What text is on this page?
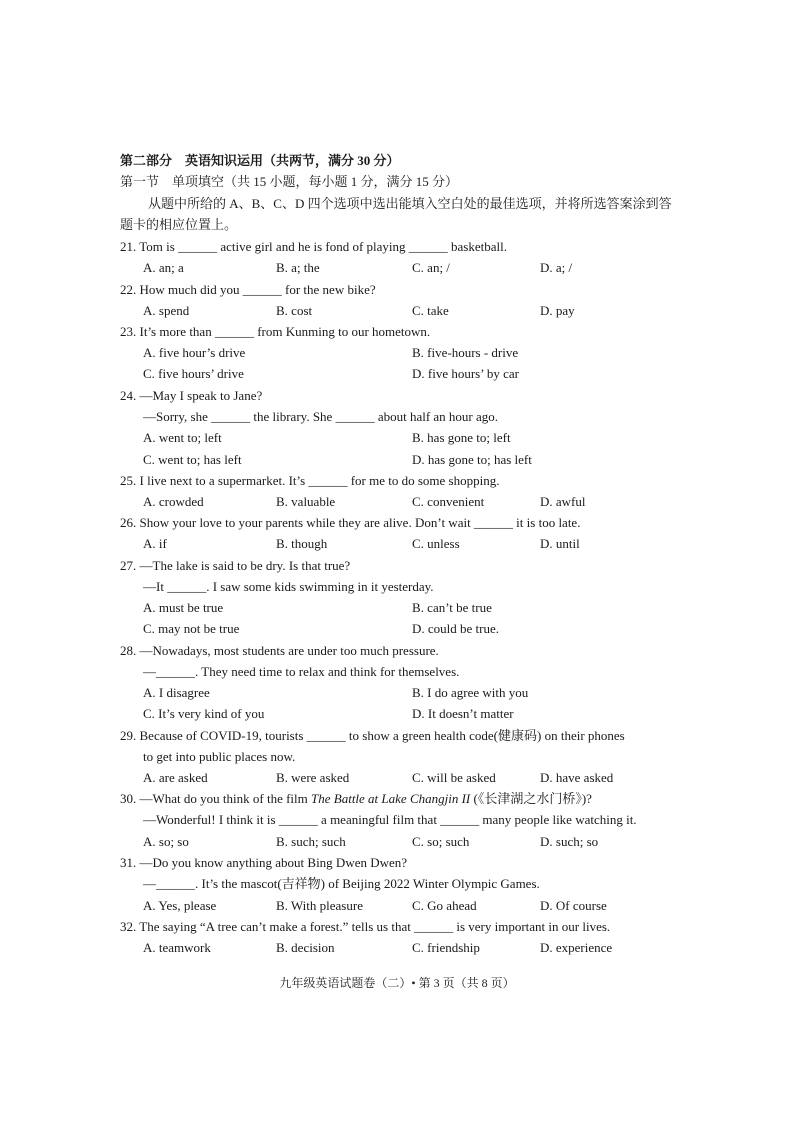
第二部分　英语知识运用（共两节，满分 30 分）
第一节　单项填空（共 15 小题，每小题 1 分，满分 15 分）
从题中所给的 A、B、C、D 四个选项中选出能填入空白处的最佳选项，并将所选答案涂到答题卡的相应位置上。
21. Tom is ______ active girl and he is fond of playing ______ basketball.
A. an; a	B. a; the	C. an; /	D. a; /
22. How much did you ______ for the new bike?
A. spend	B. cost	C. take	D. pay
23. It’s more than ______ from Kunming to our hometown.
A. five hour’s drive	B. five-hours - drive
C. five hours’ drive	D. five hours’ by car
24. —May I speak to Jane?
—Sorry, she ______ the library. She ______ about half an hour ago.
A. went to; left	B. has gone to; left
C. went to; has left	D. has gone to; has left
25. I live next to a supermarket. It’s ______ for me to do some shopping.
A. crowded	B. valuable	C. convenient	D. awful
26. Show your love to your parents while they are alive. Don’t wait ______ it is too late.
A. if	B. though	C. unless	D. until
27. —The lake is said to be dry. Is that true?
—It ______. I saw some kids swimming in it yesterday.
A. must be true	B. can’t be true
C. may not be true	D. could be true.
28. —Nowadays, most students are under too much pressure.
—______. They need time to relax and think for themselves.
A. I disagree	B. I do agree with you
C. It’s very kind of you	D. It doesn’t matter
29. Because of COVID-19, tourists ______ to show a green health code(健康码) on their phones
to get into public places now.
A. are asked	B. were asked	C. will be asked	D. have asked
30. —What do you think of the film The Battle at Lake Changjin II (《长津湖之水门桥》)?
—Wonderful! I think it is ______ a meaningful film that ______ many people like watching it.
A. so; so	B. such; such	C. so; such	D. such; so
31. —Do you know anything about Bing Dwen Dwen?
—______. It’s the mascot(吉祥物) of Beijing 2022 Winter Olympic Games.
A. Yes, please	B. With pleasure	C. Go ahead	D. Of course
32. The saying “A tree can’t make a forest.” tells us that ______ is very important in our lives.
A. teamwork	B. decision	C. friendship	D. experience
九年级英语试题卷（二）• 第 3 页（共 8 页）
